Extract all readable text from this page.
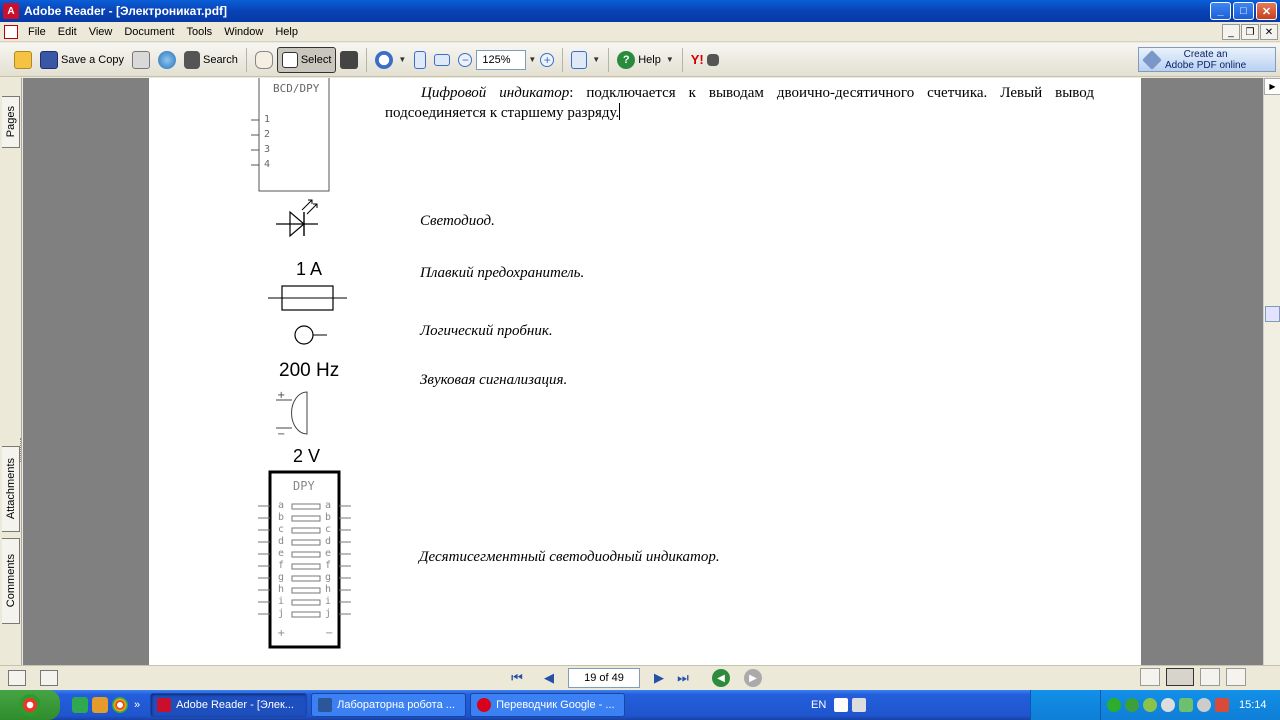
A Adobe Reader - [Электроникат.pdf]	_	□	✕
File	Edit	View	Document	Tools	Window	Help	_	❐	✕
Save a Copy	Search	Select	▼	−	125%	▼ +	▼	? Help ▼ Y!	Create an
Adobe PDF online
Pages
Attachments
Comments
Цифровой индикатор: подключается к выводам двоично-десятичного счетчика. Левый вывод подсоединяется к старшему разряду.
BCD/DPY
1
2
3
4
Светодиод.
1 A	Плавкий предохранитель.
Логический пробник.
200 Hz
+
−
Звуковая сигнализация.
2 V
+	−
DPY
a
b
c
d
e
f
g
h
i
j
a
b
c
d
e
f
g
h
i
j
Десятисегментный светодиодный индикатор.
▶
⏮	◀	19 of 49	▶	⏭	◀	▶
»	Adobe Reader - [Элек...	Лабораторна робота ...	Переводчик Google - ...	EN	15:14
